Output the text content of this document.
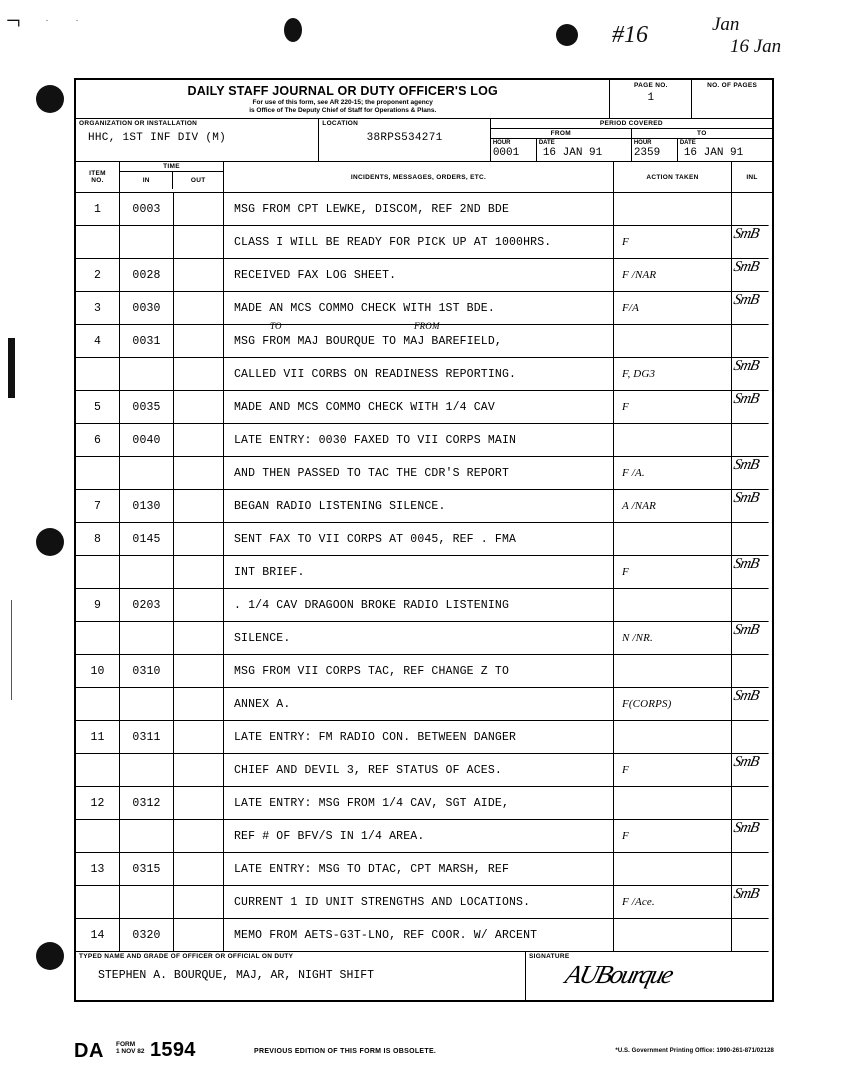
¬	.	.
#16	Jan
16 Jan
DAILY STAFF JOURNAL OR DUTY OFFICER'S LOG
For use of this form, see AR 220-15; the proponent agency
is Office of The Deputy Chief of Staff for Operations & Plans.
PAGE NO.
1
NO. OF PAGES
ORGANIZATION OR INSTALLATION
HHC, 1ST INF DIV (M)
LOCATION
38RPS534271
PERIOD COVERED
FROM
HOUR
0001
DATE
16 JAN 91
TO
HOUR
2359
DATE
16 JAN 91
ITEM
NO.
TIME
IN	OUT	INCIDENTS, MESSAGES, ORDERS, ETC.	ACTION TAKEN	INL
1	0003	MSG FROM CPT LEWKE, DISCOM, REF 2ND BDE
CLASS I WILL BE READY FOR PICK UP AT 1000HRS.	F	SmB
2	0028	RECEIVED FAX LOG SHEET.	F /NAR	SmB
3	0030	MADE AN MCS COMMO CHECK WITH 1ST BDE.	F/A	SmB
4	0031	MSG FROM MAJ BOURQUE TO MAJ BAREFIELD,
TO	FROM
CALLED VII CORBS ON READINESS REPORTING.	F, DG3	SmB
5	0035	MADE AND MCS COMMO CHECK WITH 1/4 CAV	F	SmB
6	0040	LATE ENTRY: 0030 FAXED TO VII CORPS MAIN
AND THEN PASSED TO TAC THE CDR'S REPORT	F /A.	SmB
7	0130	BEGAN RADIO LISTENING SILENCE.	A /NAR	SmB
8	0145	SENT FAX TO VII CORPS AT 0045, REF . FMA
INT BRIEF.	F	SmB
9	0203	. 1/4 CAV DRAGOON BROKE RADIO LISTENING
SILENCE.	N /NR.	SmB
10	0310	MSG FROM VII CORPS TAC, REF CHANGE Z TO
ANNEX A.	F(CORPS)	SmB
11	0311	LATE ENTRY: FM RADIO CON. BETWEEN DANGER
CHIEF AND DEVIL 3, REF STATUS OF ACES.	F	SmB
12	0312	LATE ENTRY: MSG FROM 1/4 CAV, SGT AIDE,
REF # OF BFV/S IN 1/4 AREA.	F	SmB
13	0315	LATE ENTRY: MSG TO DTAC, CPT MARSH, REF
CURRENT 1 ID UNIT STRENGTHS AND LOCATIONS.	F /Ace.	SmB
14	0320	MEMO FROM AETS-G3T-LNO, REF COOR. W/ ARCENT
TYPED NAME AND GRADE OF OFFICER OR OFFICIAL ON DUTY
STEPHEN A. BOURQUE, MAJ, AR, NIGHT SHIFT
SIGNATURE
AUBourque
DA FORM
1 NOV 82 1594	PREVIOUS EDITION OF THIS FORM IS OBSOLETE.	*U.S. Government Printing Office: 1990-261-871/02128
